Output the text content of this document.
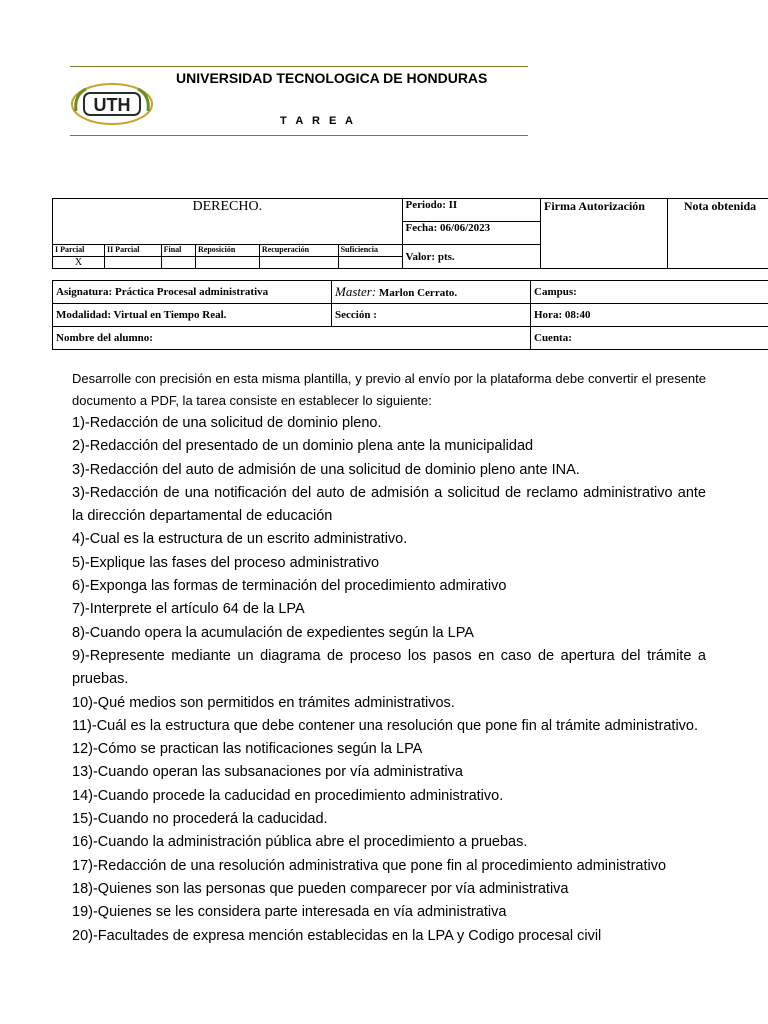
UTH
UNIVERSIDAD TECNOLOGICA DE HONDURAS
T A R E A
DERECHO.						Periodo: II	Firma Autorización	Nota obtenida
						Fecha: 06/06/2023		
I Parcial	II Parcial	Final	Reposición	Recuperación	Suficiencia	Valor: pts.		
X								
Asignatura: Práctica Procesal administrativa	Master: Marlon Cerrato.	Campus:
Modalidad: Virtual en Tiempo Real.	Sección :	Hora: 08:40
Nombre del alumno:		Cuenta:

Desarrolle con precisión en esta misma plantilla, y previo al envío por la plataforma debe convertir el presente documento a PDF, la tarea consiste en establecer lo siguiente:

1)-Redacción de una solicitud de dominio pleno.

2)-Redacción del presentado de un dominio plena ante la municipalidad

3)-Redacción del auto de admisión de una solicitud de dominio pleno ante INA.

3)-Redacción de una notificación del auto de admisión a solicitud de reclamo administrativo ante la dirección departamental de educación

4)-Cual es la estructura de un escrito administrativo.

5)-Explique las fases del proceso administrativo

6)-Exponga las formas de terminación del procedimiento admirativo

7)-Interprete el artículo 64 de la LPA

8)-Cuando opera la acumulación de expedientes según la LPA

9)-Represente mediante un diagrama de proceso los pasos en caso de apertura del trámite a pruebas.

10)-Qué medios son permitidos en trámites administrativos.

11)-Cuál es la estructura que debe contener una resolución que pone fin al trámite administrativo.

12)-Cómo se practican las notificaciones según la LPA

13)-Cuando operan las subsanaciones por vía administrativa

14)-Cuando procede la caducidad en procedimiento administrativo.

15)-Cuando no procederá la caducidad.

16)-Cuando la administración pública abre el procedimiento a pruebas.

17)-Redacción de una resolución administrativa que pone fin al procedimiento administrativo

18)-Quienes son las personas que pueden comparecer por vía administrativa

19)-Quienes se les considera parte interesada en vía administrativa

20)-Facultades de expresa mención establecidas en la LPA y Codigo procesal civil
